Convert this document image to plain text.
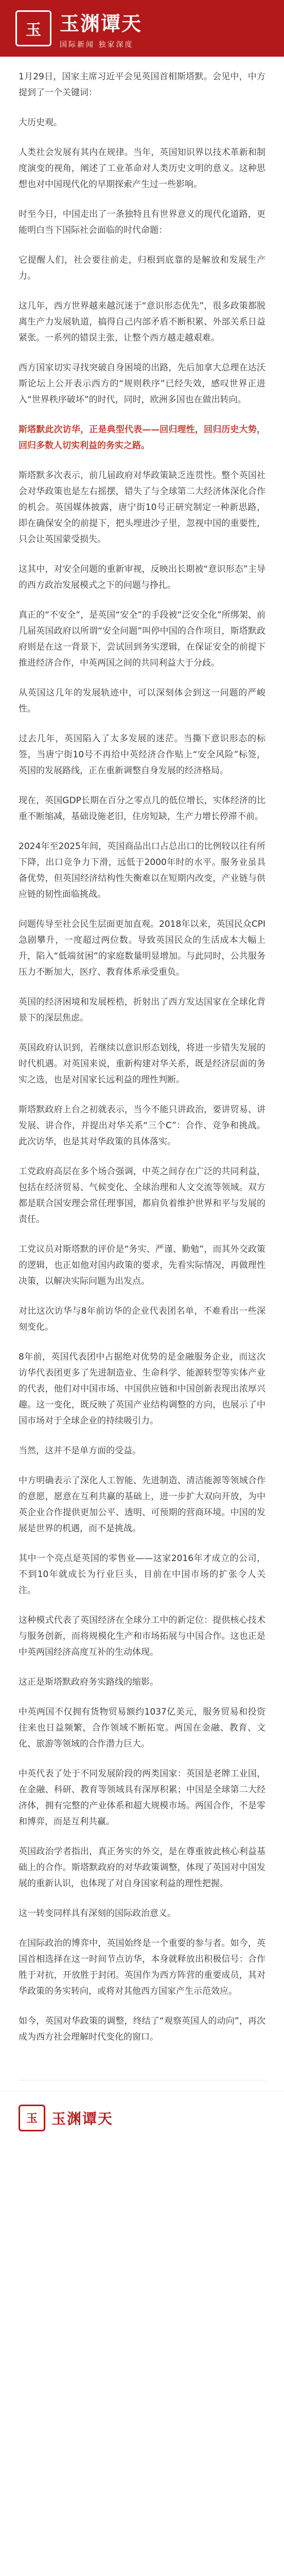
玉 玉渊谭天
国际新闻 独家深度

1月29日，国家主席习近平会见英国首相斯塔默。会见中，中方提到了一个关键词：

大历史观。

人类社会发展有其内在规律。当年，英国知识界以技术革新和制度演变的视角，阐述了工业革命对人类历史文明的意义。这种思想也对中国现代化的早期探索产生过一些影响。

时至今日，中国走出了一条独特且有世界意义的现代化道路，更能明白当下国际社会面临的时代命题：

它提醒人们，社会要往前走，归根到底靠的是解放和发展生产力。

这几年，西方世界越来越沉迷于“意识形态优先”，很多政策都脱离生产力发展轨道，搞得自己内部矛盾不断积累、外部关系日益紧张。一系列的错误主张，让整个西方越走越艰难。

西方国家切实寻找突破自身困境的出路，先后加拿大总理在达沃斯论坛上公开表示西方的“规则秩序”已经失效，感叹世界正进入“世界秩序破坏”的时代，同时，欧洲多国也在做出转向。

斯塔默此次访华，正是典型代表——回归理性，回归历史大势，回归多数人切实利益的务实之路。

斯塔默多次表示，前几届政府对华政策缺乏连贯性。整个英国社会对华政策也是左右摇摆，错失了与全球第二大经济体深化合作的机会。英国媒体披露，唐宁街10号正研究制定一种新思路，即在确保安全的前提下，把头埋进沙子里，忽视中国的重要性，只会让英国蒙受损失。

这其中，对安全问题的重新审视，反映出长期被“意识形态”主导的西方政治发展模式之下的问题与挣扎。

真正的“不安全”，是英国“安全”的手段被“泛安全化”所绑架、前几届英国政府以所谓“安全问题”叫停中国的合作项目，斯塔默政府则是在这一背景下，尝试回到务实逻辑，在保证安全的前提下推进经济合作，中英两国之间的共同利益大于分歧。

从英国这几年的发展轨迹中，可以深刻体会到这一问题的严峻性。

过去几年，英国陷入了太多发展的迷茫。当撕下意识形态的标签，当唐宁街10号不再给中英经济合作贴上“安全风险”标签，英国的发展路线，正在重新调整自身发展的经济格局。

现在，英国GDP长期在百分之零点几的低位增长，实体经济的比重不断缩减，基础设施老旧，住房短缺，生产力增长停滞不前。

2024年至2025年间，英国商品出口占总出口的比例较以往有所下降，出口竞争力下滑，远低于2000年时的水平。服务业虽具备优势，但英国经济结构性失衡难以在短期内改变，产业链与供应链的韧性面临挑战。

问题传导至社会民生层面更加直观。2018年以来，英国民众CPI急剧攀升，一度超过两位数。导致英国民众的生活成本大幅上升，陷入“低端贫困”的家庭数量明显增加。与此同时，公共服务压力不断加大，医疗、教育体系承受重负。

英国的经济困境和发展桎梏，折射出了西方发达国家在全球化背景下的深层焦虑。

英国政府认识到，若继续以意识形态划线，将进一步错失发展的时代机遇。对英国来说，重新构建对华关系，既是经济层面的务实之选，也是对国家长远利益的理性判断。

斯塔默政府上台之初就表示，当今不能只讲政治，要讲贸易、讲发展、讲合作，并提出对华关系“三个C”：合作、竞争和挑战。此次访华，也是其对华政策的具体落实。

工党政府高层在多个场合强调，中英之间存在广泛的共同利益，包括在经济贸易、气候变化、全球治理和人文交流等领域。双方都是联合国安理会常任理事国，都肩负着维护世界和平与发展的责任。

工党议员对斯塔默的评价是“务实、严谨、勤勉”，而其外交政策的逻辑，也正如他对国内政策的要求，先看实际情况，再做理性决策，以解决实际问题为出发点。

对比这次访华与8年前访华的企业代表团名单，不难看出一些深刻变化。

8年前，英国代表团中占据绝对优势的是金融服务企业，而这次访华代表团更多了先进制造业、生命科学、能源转型等实体产业的代表，他们对中国市场、中国供应链和中国创新表现出浓厚兴趣。这一变化，既反映了英国产业结构调整的方向，也展示了中国市场对于全球企业的持续吸引力。

当然，这并不是单方面的受益。

中方明确表示了深化人工智能、先进制造、清洁能源等领域合作的意愿，愿意在互利共赢的基础上，进一步扩大双向开放，为中英企业合作提供更加公平、透明、可预期的营商环境。中国的发展是世界的机遇，而不是挑战。

其中一个亮点是英国的零售业——这家2016年才成立的公司，不到10年就成长为行业巨头，目前在中国市场的扩张令人关注。

这种模式代表了英国经济在全球分工中的新定位：提供核心技术与服务创新，而将规模化生产和市场拓展与中国合作。这也正是中英两国经济高度互补的生动体现。

这正是斯塔默政府务实路线的缩影。

中英两国不仅拥有货物贸易额约1037亿美元，服务贸易和投资往来也日益频繁，合作领域不断拓宽。两国在金融、教育、文化、旅游等领域的合作潜力巨大。

中英代表了处于不同发展阶段的两类国家：英国是老牌工业国，在金融、科研、教育等领域具有深厚积累；中国是全球第二大经济体，拥有完整的产业体系和超大规模市场。两国合作，不是零和博弈，而是互利共赢。

英国政治学者指出，真正务实的外交，是在尊重彼此核心利益基础上的合作。斯塔默政府的对华政策调整，体现了英国对中国发展的重新认识，也体现了对自身国家利益的理性把握。

这一转变同样具有深刻的国际政治意义。

在国际政治的博弈中，英国始终是一个重要的参与者。如今，英国首相选择在这一时间节点访华，本身就释放出积极信号：合作胜于对抗，开放胜于封闭。英国作为西方阵营的重要成员，其对华政策的务实转向，或将对其他西方国家产生示范效应。

如今，英国对华政策的调整，终结了“观察英国人的动向”，再次成为西方社会理解时代变化的窗口。

玉 玉渊谭天
